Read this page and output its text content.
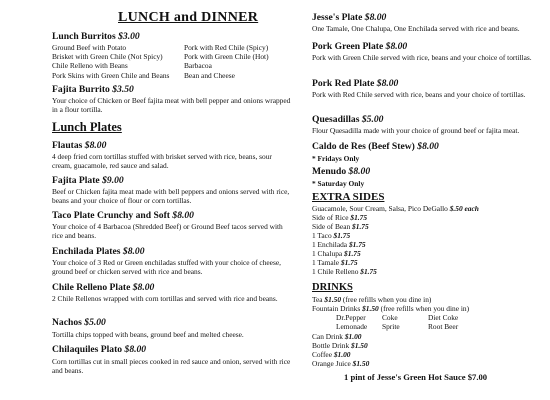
LUNCH and DINNER
Lunch Burritos $3.00
Ground Beef with Potato	Pork with Red Chile (Spicy)
Brisket with Green Chile (Not Spicy)	Pork with Green Chile (Hot)
Chile Relleno with Beans	Barbacoa
Pork Skins with Green Chile and Beans	Bean and Cheese
Fajita Burrito $3.50
Your choice of Chicken or Beef fajita meat with bell pepper and onions wrapped in a flour tortilla.
Lunch Plates
Flautas $8.00
4 deep fried corn tortillas stuffed with brisket served with rice, beans, sour cream, guacamole, red sauce and salad.
Fajita Plate $9.00
Beef or Chicken fajita meat made with bell peppers and onions served with rice, beans and your choice of flour or corn tortillas.
Taco Plate Crunchy and Soft $8.00
Your choice of 4 Barbacoa (Shredded Beef) or Ground Beef tacos served with rice and beans.
Enchilada Plates $8.00
Your choice of 3 Red or Green enchiladas stuffed with your choice of cheese, ground beef or chicken served with rice and beans.
Chile Relleno Plate $8.00
2 Chile Rellenos wrapped with corn tortillas and served with rice and beans.
Nachos $5.00
Tortilla chips topped with beans, ground beef and melted cheese.
Chilaquiles Plato $8.00
Corn tortillas cut in small pieces cooked in red sauce and onion, served with rice and beans.
Jesse's Plate $8.00
One Tamale, One Chalupa, One Enchilada served with rice and beans.
Pork Green Plate $8.00
Pork with Green Chile served with rice, beans and your choice of tortillas.
Pork Red Plate $8.00
Pork with Red Chile served with rice, beans and your choice of tortillas.
Quesadillas $5.00
Flour Quesadilla made with your choice of ground beef or fajita meat.
Caldo de Res (Beef Stew) $8.00
* Fridays Only
Menudo $8.00
* Saturday Only
EXTRA SIDES
Guacamole, Sour Cream, Salsa, Pico DeGallo $.50 each
Side of Rice $1.75
Side of Bean $1.75
1 Taco $1.75
1 Enchilada $1.75
1 Chalupa $1.75
1 Tamale $1.75
1 Chile Relleno $1.75
DRINKS
Tea $1.50 (free refills when you dine in)
Fountain Drinks $1.50 (free refills when you dine in)
Dr.Pepper	Coke	Diet Coke
Lemonade	Sprite	Root Beer
Can Drink $1.00
Bottle Drink $1.50
Coffee $1.00
Orange Juice $1.50
1 pint of Jesse's Green Hot Sauce $7.00
